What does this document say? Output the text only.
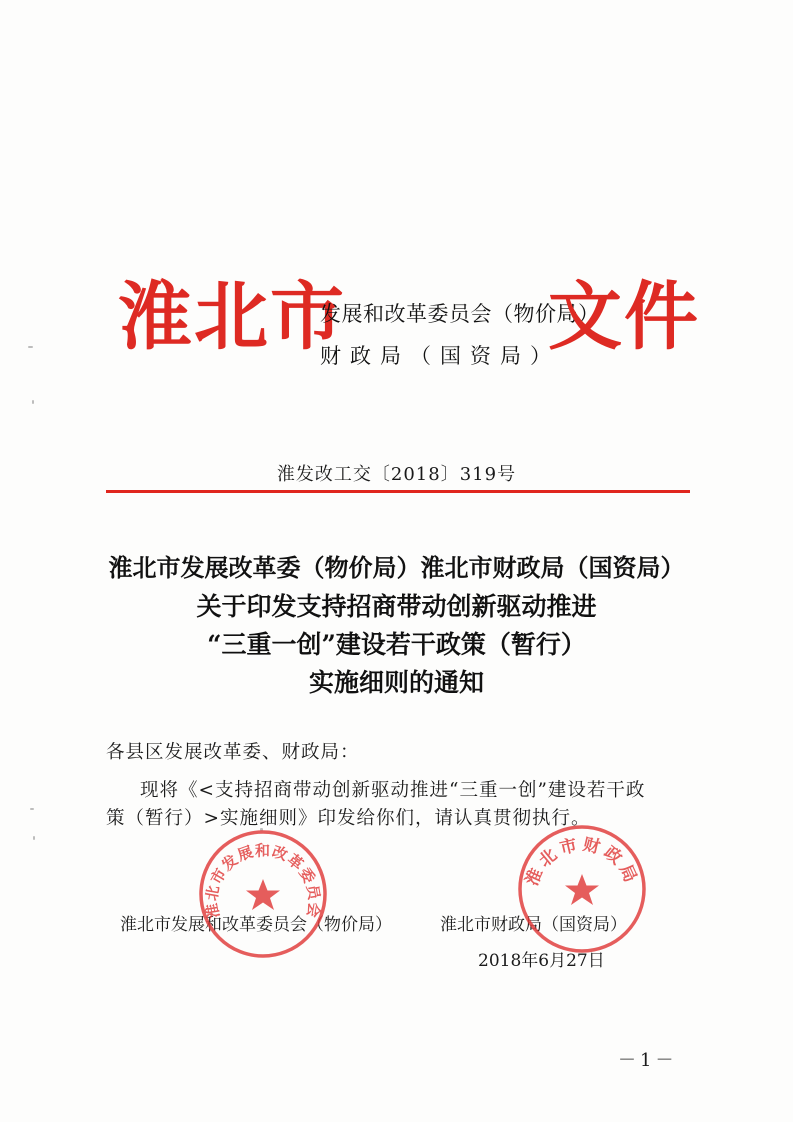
淮北市
发展和改革委员会（物价局）
财政局（国资局）
文件
淮发改工交〔2018〕319号
淮北市发展改革委（物价局）淮北市财政局（国资局）
关于印发支持招商带动创新驱动推进
“三重一创”建设若干政策（暂行）
实施细则的通知
各县区发展改革委、财政局：
现将《<支持招商带动创新驱动推进“三重一创”建设若干政
策（暂行）>实施细则》印发给你们，请认真贯彻执行。
淮北市发展和改革委员会
淮北市财政局
淮北市发展和改革委员会（物价局）	淮北市财政局（国资局）
2018年6月27日
－1－
